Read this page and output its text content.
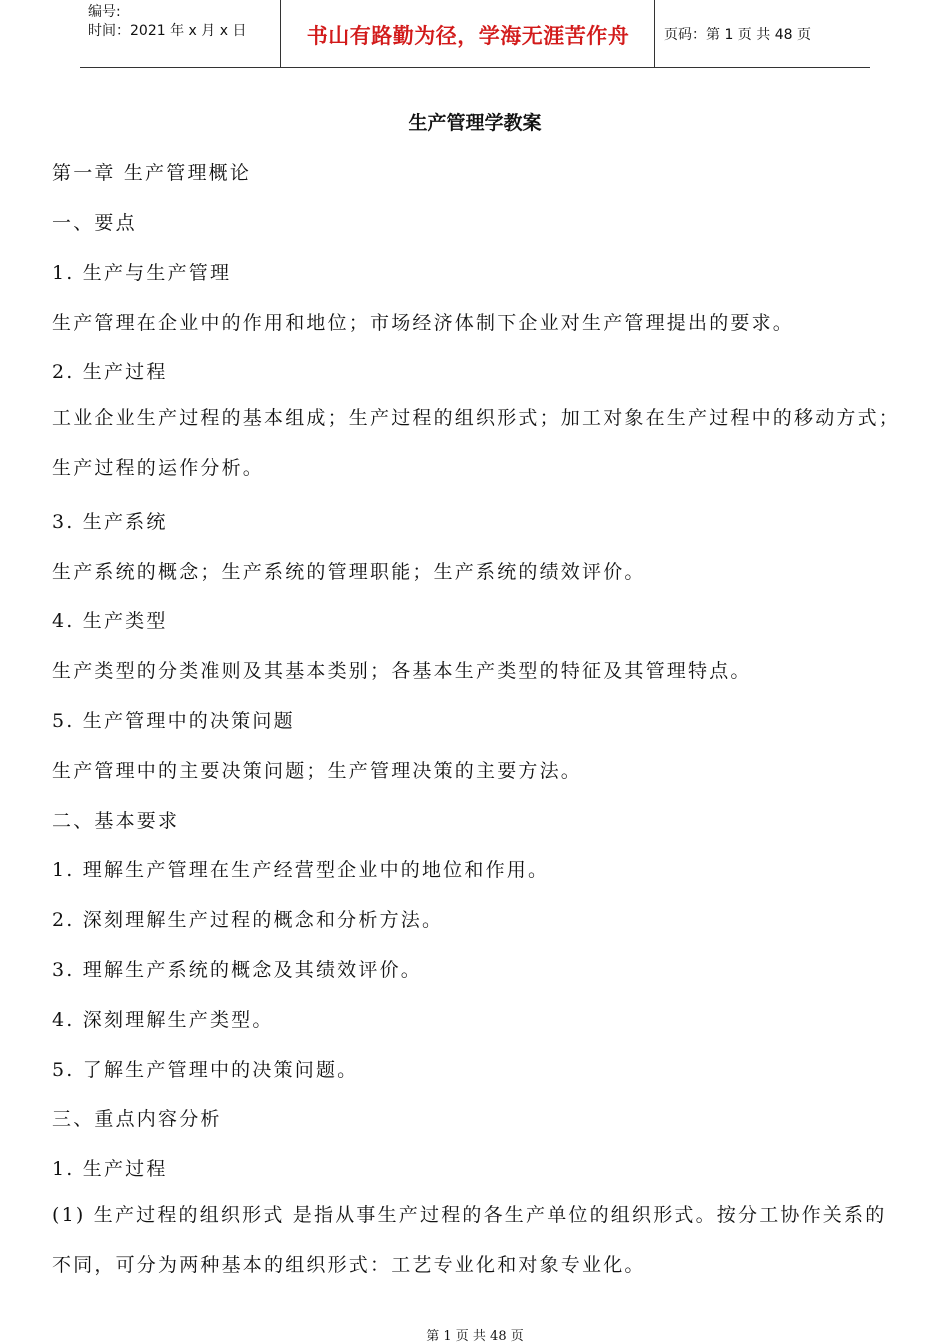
编号:
时间：2021 年 x 月 x 日	书山有路勤为径，学海无涯苦作舟	页码：第 1 页 共 48 页
生产管理学教案
第一章 生产管理概论
一、要点
1. 生产与生产管理
生产管理在企业中的作用和地位；市场经济体制下企业对生产管理提出的要求。
2. 生产过程
工业企业生产过程的基本组成；生产过程的组织形式；加工对象在生产过程中的移动方式；生产过程的运作分析。
3. 生产系统
生产系统的概念；生产系统的管理职能；生产系统的绩效评价。
4. 生产类型
生产类型的分类准则及其基本类别；各基本生产类型的特征及其管理特点。
5. 生产管理中的决策问题
生产管理中的主要决策问题；生产管理决策的主要方法。
二、基本要求
1. 理解生产管理在生产经营型企业中的地位和作用。
2. 深刻理解生产过程的概念和分析方法。
3. 理解生产系统的概念及其绩效评价。
4. 深刻理解生产类型。
5. 了解生产管理中的决策问题。
三、重点内容分析
1. 生产过程
(1) 生产过程的组织形式 是指从事生产过程的各生产单位的组织形式。按分工协作关系的不同，可分为两种基本的组织形式：工艺专业化和对象专业化。
第 1 页 共 48 页
